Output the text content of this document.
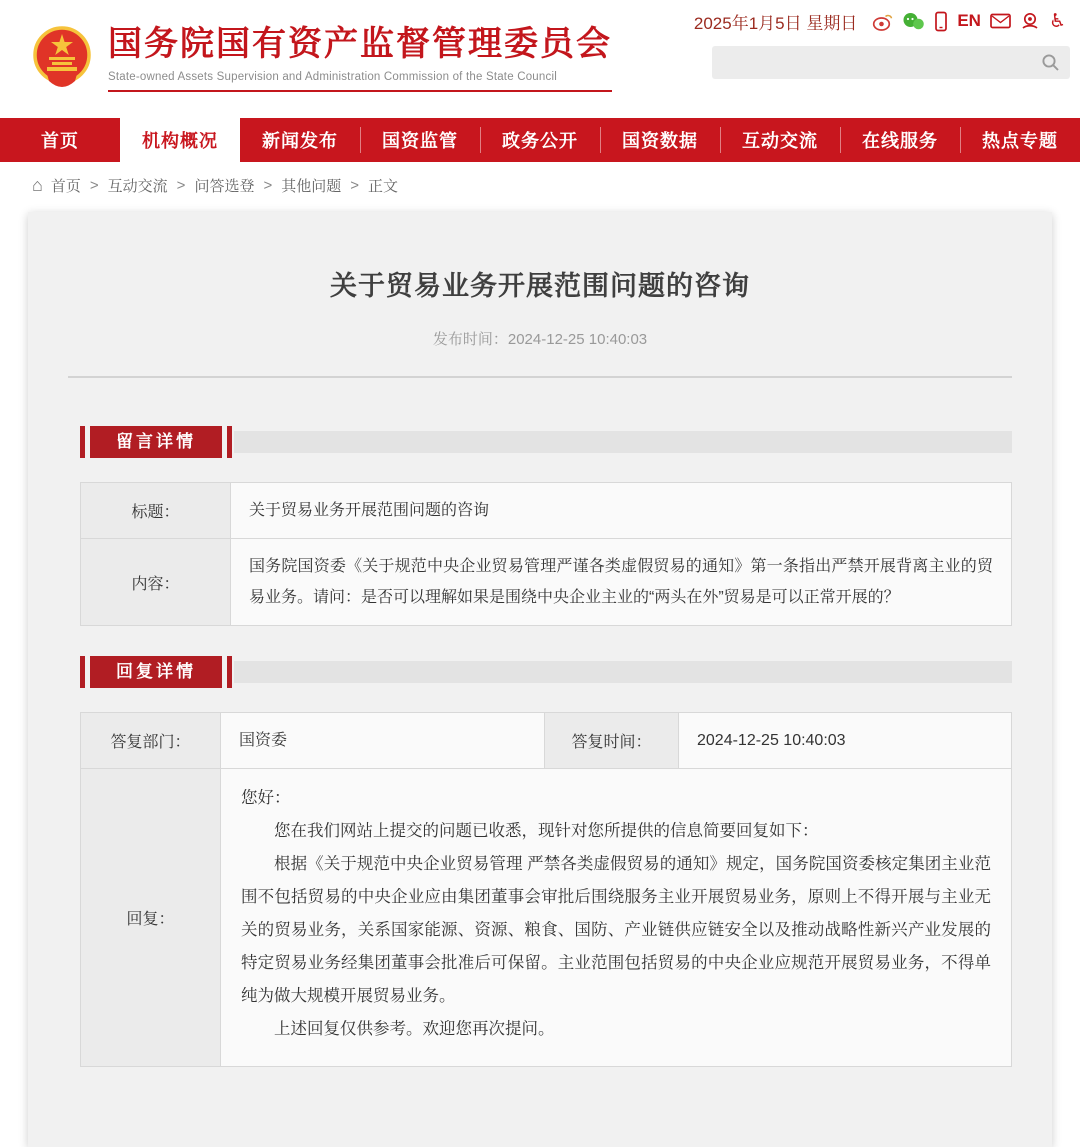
国务院国有资产监督管理委员会
State-owned Assets Supervision and Administration Commission of the State Council
2025年1月5日 星期日	EN	♿
首页	机构概况	新闻发布	国资监管	政务公开	国资数据	互动交流	在线服务	热点专题
⌂ 首页 > 互动交流 > 问答选登 > 其他问题 > 正文
关于贸易业务开展范围问题的咨询
发布时间：2024-12-25 10:40:03
留言详情
标题：	关于贸易业务开展范围问题的咨询
内容：
国务院国资委《关于规范中央企业贸易管理严谨各类虚假贸易的通知》第一条指出严禁开展背离主业的贸易业务。请问：是否可以理解如果是围绕中央企业主业的“两头在外”贸易是可以正常开展的？
回复详情
答复部门：	国资委	答复时间：	2024-12-25 10:40:03
回复：

您好：

您在我们网站上提交的问题已收悉，现针对您所提供的信息简要回复如下：

根据《关于规范中央企业贸易管理 严禁各类虚假贸易的通知》规定，国务院国资委核定集团主业范围不包括贸易的中央企业应由集团董事会审批后围绕服务主业开展贸易业务，原则上不得开展与主业无关的贸易业务，关系国家能源、资源、粮食、国防、产业链供应链安全以及推动战略性新兴产业发展的特定贸易业务经集团董事会批准后可保留。主业范围包括贸易的中央企业应规范开展贸易业务，不得单纯为做大规模开展贸易业务。

上述回复仅供参考。欢迎您再次提问。
